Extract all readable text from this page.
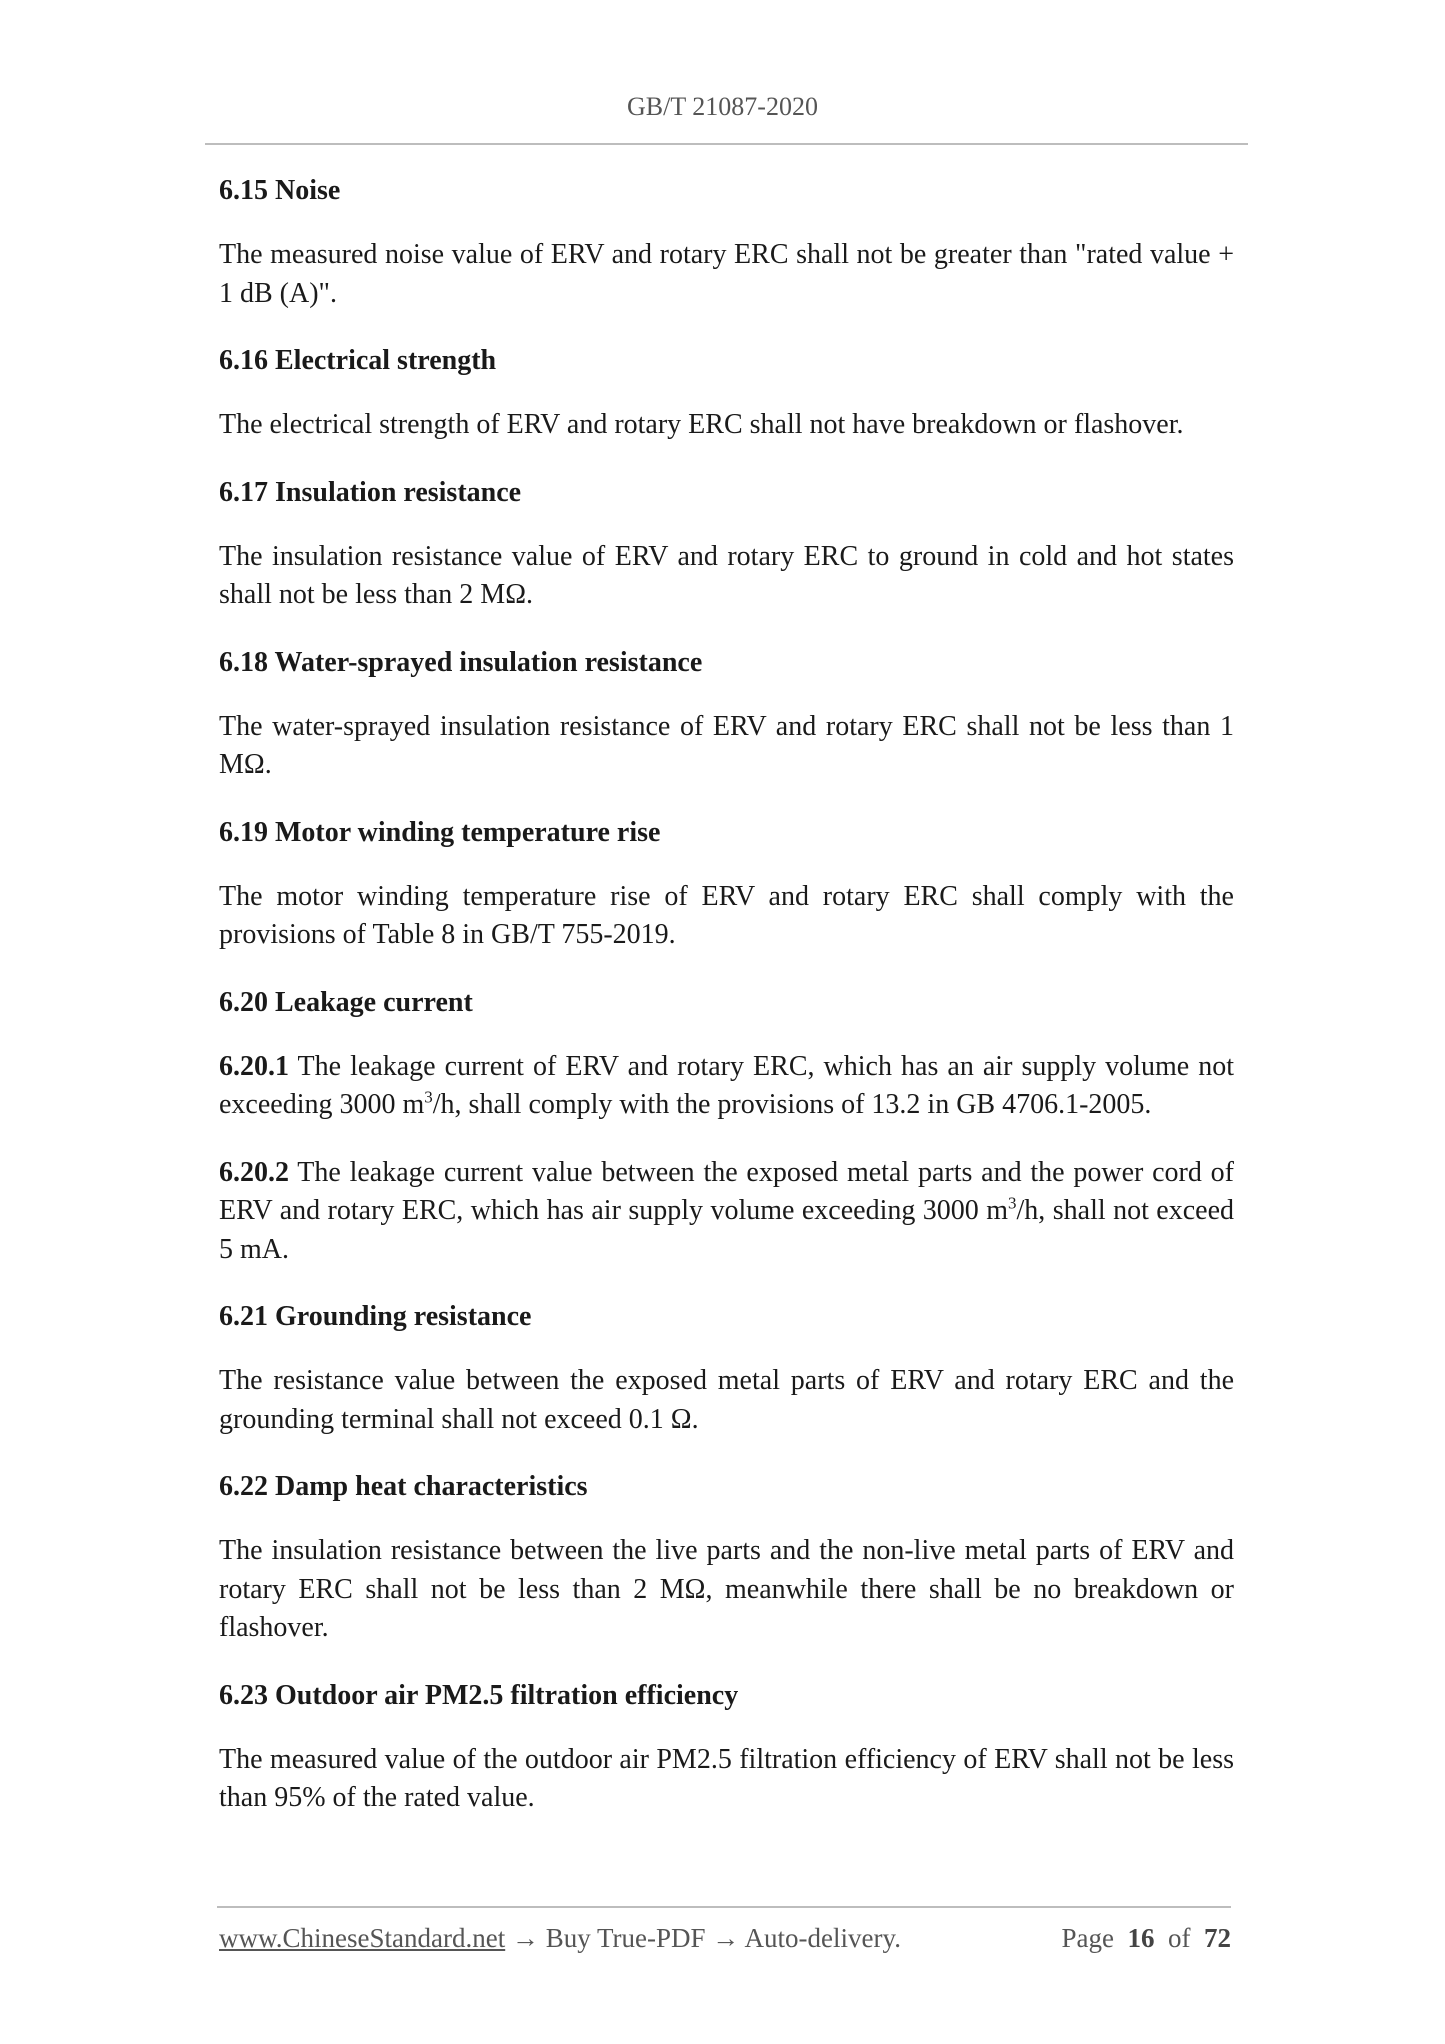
GB/T 21087-2020
6.15 Noise

The measured noise value of ERV and rotary ERC shall not be greater than "rated value + 1 dB (A)".

6.16 Electrical strength

The electrical strength of ERV and rotary ERC shall not have breakdown or flashover.

6.17 Insulation resistance

The insulation resistance value of ERV and rotary ERC to ground in cold and hot states shall not be less than 2 MΩ.

6.18 Water-sprayed insulation resistance

The water-sprayed insulation resistance of ERV and rotary ERC shall not be less than 1 MΩ.

6.19 Motor winding temperature rise

The motor winding temperature rise of ERV and rotary ERC shall comply with the provisions of Table 8 in GB/T 755-2019.

6.20 Leakage current

6.20.1 The leakage current of ERV and rotary ERC, which has an air supply volume not exceeding 3000 $m^3/h$, shall comply with the provisions of 13.2 in GB 4706.1-2005.

6.20.2 The leakage current value between the exposed metal parts and the power cord of ERV and rotary ERC, which has air supply volume exceeding 3000 $m^3/h$, shall not exceed 5 mA.

6.21 Grounding resistance

The resistance value between the exposed metal parts of ERV and rotary ERC and the grounding terminal shall not exceed 0.1 Ω.

6.22 Damp heat characteristics

The insulation resistance between the live parts and the non-live metal parts of ERV and rotary ERC shall not be less than 2 MΩ, meanwhile there shall be no breakdown or flashover.

6.23 Outdoor air PM2.5 filtration efficiency

The measured value of the outdoor air PM2.5 filtration efficiency of ERV shall not be less than 95% of the rated value.

www.ChineseStandard.net → Buy True-PDF → Auto-delivery.	Page 16 of 72
